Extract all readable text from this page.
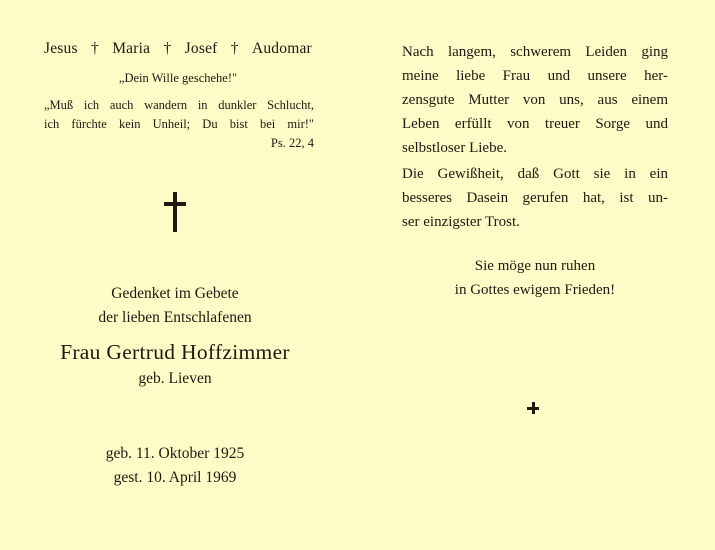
Jesus † Maria † Josef † Audomar
„Dein Wille geschehe!"
„Muß ich auch wandern in dunkler Schlucht,
ich fürchte kein Unheil; Du bist bei mir!"
Ps. 22, 4
Gedenket im Gebete
der lieben Entschlafenen
Frau Gertrud Hoffzimmer
geb. Lieven
geb. 11. Oktober 1925
gest. 10. April 1969
Nach langem, schwerem Leiden ging
meine liebe Frau und unsere her-
zensgute Mutter von uns, aus einem
Leben erfüllt von treuer Sorge und
selbstloser Liebe.
Die Gewißheit, daß Gott sie in ein
besseres Dasein gerufen hat, ist un-
ser einzigster Trost.
Sie möge nun ruhen
in Gottes ewigem Frieden!
